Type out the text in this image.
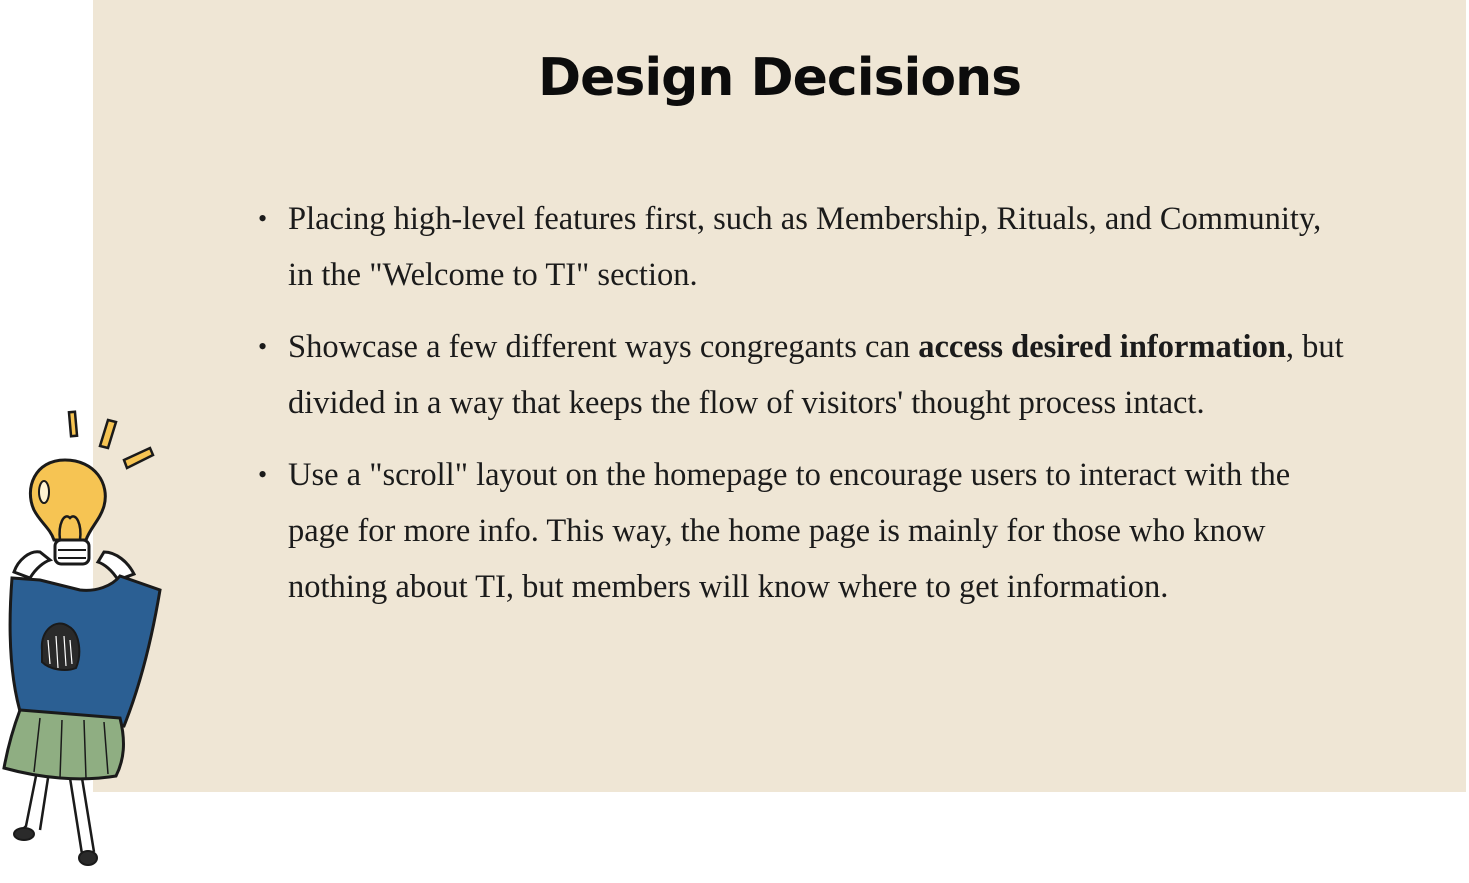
Design Decisions
• Placing high-level features first, such as Membership, Rituals, and Community, in the "Welcome to TI" section.
• Showcase a few different ways congregants can access desired information, but divided in a way that keeps the flow of visitors' thought process intact.
• Use a "scroll" layout on the homepage to encourage users to interact with the page for more info. This way, the home page is mainly for those who know nothing about TI, but members will know where to get information.
